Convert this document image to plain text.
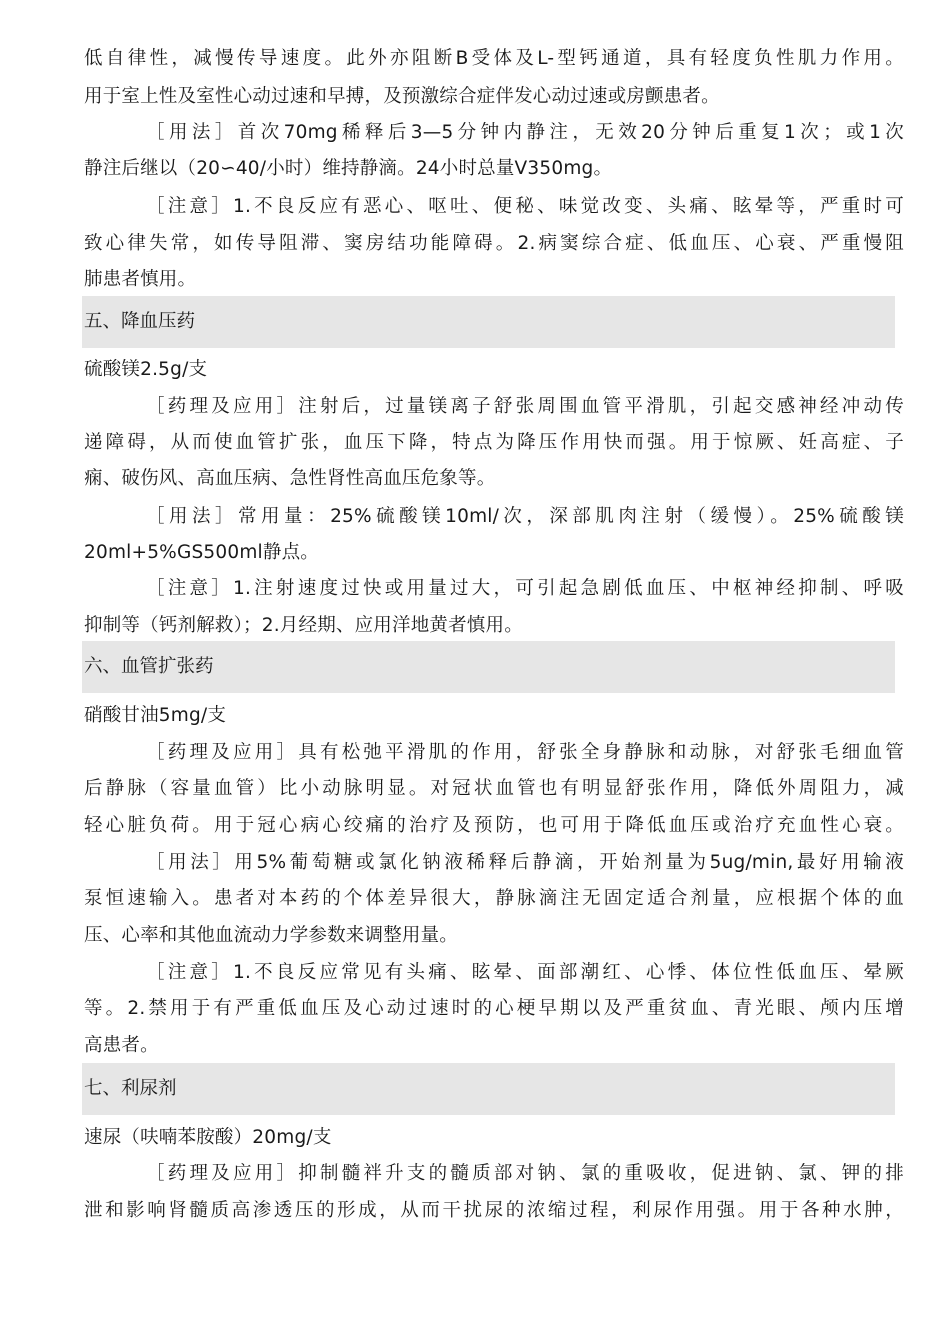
低自律性，减慢传导速度。此外亦阻断Β受体及L-型钙通道，具有轻度负性肌力作用。
用于室上性及室性心动过速和早搏，及预激综合症伴发心动过速或房颤患者。
［用法］首次70mg稀释后3—5分钟内静注，无效20分钟后重复1次；或1次
静注后继以（20∽40/小时）维持静滴。24小时总量V350mg。
［注意］1.不良反应有恶心、呕吐、便秘、味觉改变、头痛、眩晕等，严重时可
致心律失常，如传导阻滞、窦房结功能障碍。2.病窦综合症、低血压、心衰、严重慢阻
肺患者慎用。
五、降血压药
硫酸镁2.5g/支
［药理及应用］注射后，过量镁离子舒张周围血管平滑肌，引起交感神经冲动传
递障碍，从而使血管扩张，血压下降，特点为降压作用快而强。用于惊厥、妊高症、子
痫、破伤风、高血压病、急性肾性高血压危象等。
［用法］常用量：25%硫酸镁10ml/次，深部肌肉注射（缓慢）。25%硫酸镁
20ml+5%GS500ml静点。
［注意］1.注射速度过快或用量过大，可引起急剧低血压、中枢神经抑制、呼吸
抑制等（钙剂解救）；2.月经期、应用洋地黄者慎用。
六、血管扩张药
硝酸甘油5mg/支
［药理及应用］具有松弛平滑肌的作用，舒张全身静脉和动脉，对舒张毛细血管
后静脉（容量血管）比小动脉明显。对冠状血管也有明显舒张作用，降低外周阻力，减
轻心脏负荷。用于冠心病心绞痛的治疗及预防，也可用于降低血压或治疗充血性心衰。
［用法］用5%葡萄糖或氯化钠液稀释后静滴，开始剂量为5ug/min,最好用输液
泵恒速输入。患者对本药的个体差异很大，静脉滴注无固定适合剂量，应根据个体的血
压、心率和其他血流动力学参数来调整用量。
［注意］1.不良反应常见有头痛、眩晕、面部潮红、心悸、体位性低血压、晕厥
等。2.禁用于有严重低血压及心动过速时的心梗早期以及严重贫血、青光眼、颅内压增
高患者。
七、利尿剂
速尿（呋喃苯胺酸）20mg/支
［药理及应用］抑制髓袢升支的髓质部对钠、氯的重吸收，促进钠、氯、钾的排
泄和影响肾髓质高渗透压的形成，从而干扰尿的浓缩过程，利尿作用强。用于各种水肿，
